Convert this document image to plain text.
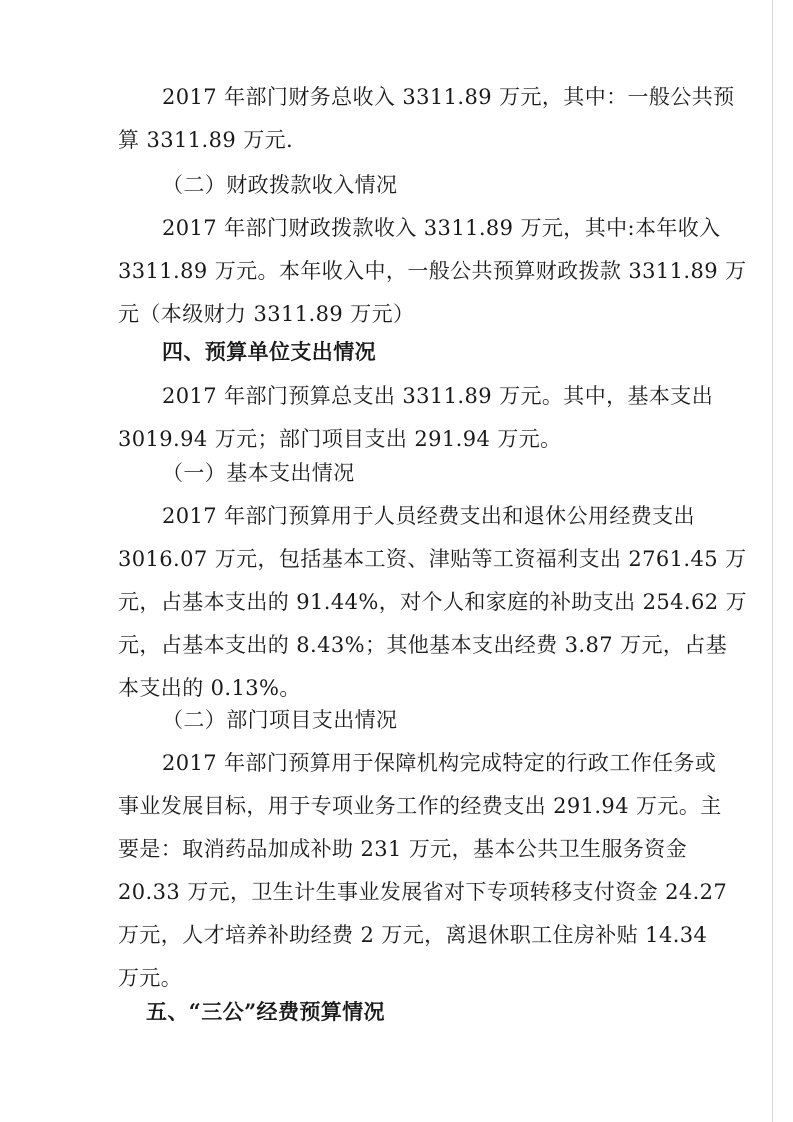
2017 年部门财务总收入 3311.89 万元，其中：一般公共预
算 3311.89 万元.
（二）财政拨款收入情况
2017 年部门财政拨款收入 3311.89 万元，其中:本年收入
3311.89 万元。本年收入中，一般公共预算财政拨款 3311.89 万
元（本级财力 3311.89 万元）
四、预算单位支出情况
2017 年部门预算总支出 3311.89 万元。其中，基本支出
3019.94 万元；部门项目支出 291.94 万元。
（一）基本支出情况
2017 年部门预算用于人员经费支出和退休公用经费支出
3016.07 万元，包括基本工资、津贴等工资福利支出 2761.45 万
元，占基本支出的 91.44%，对个人和家庭的补助支出 254.62 万
元，占基本支出的 8.43%；其他基本支出经费 3.87 万元，占基
本支出的 0.13%。
（二）部门项目支出情况
2017 年部门预算用于保障机构完成特定的行政工作任务或
事业发展目标，用于专项业务工作的经费支出 291.94 万元。主
要是：取消药品加成补助 231 万元，基本公共卫生服务资金
20.33 万元，卫生计生事业发展省对下专项转移支付资金 24.27
万元，人才培养补助经费 2 万元，离退休职工住房补贴 14.34
万元。
五、“三公”经费预算情况
